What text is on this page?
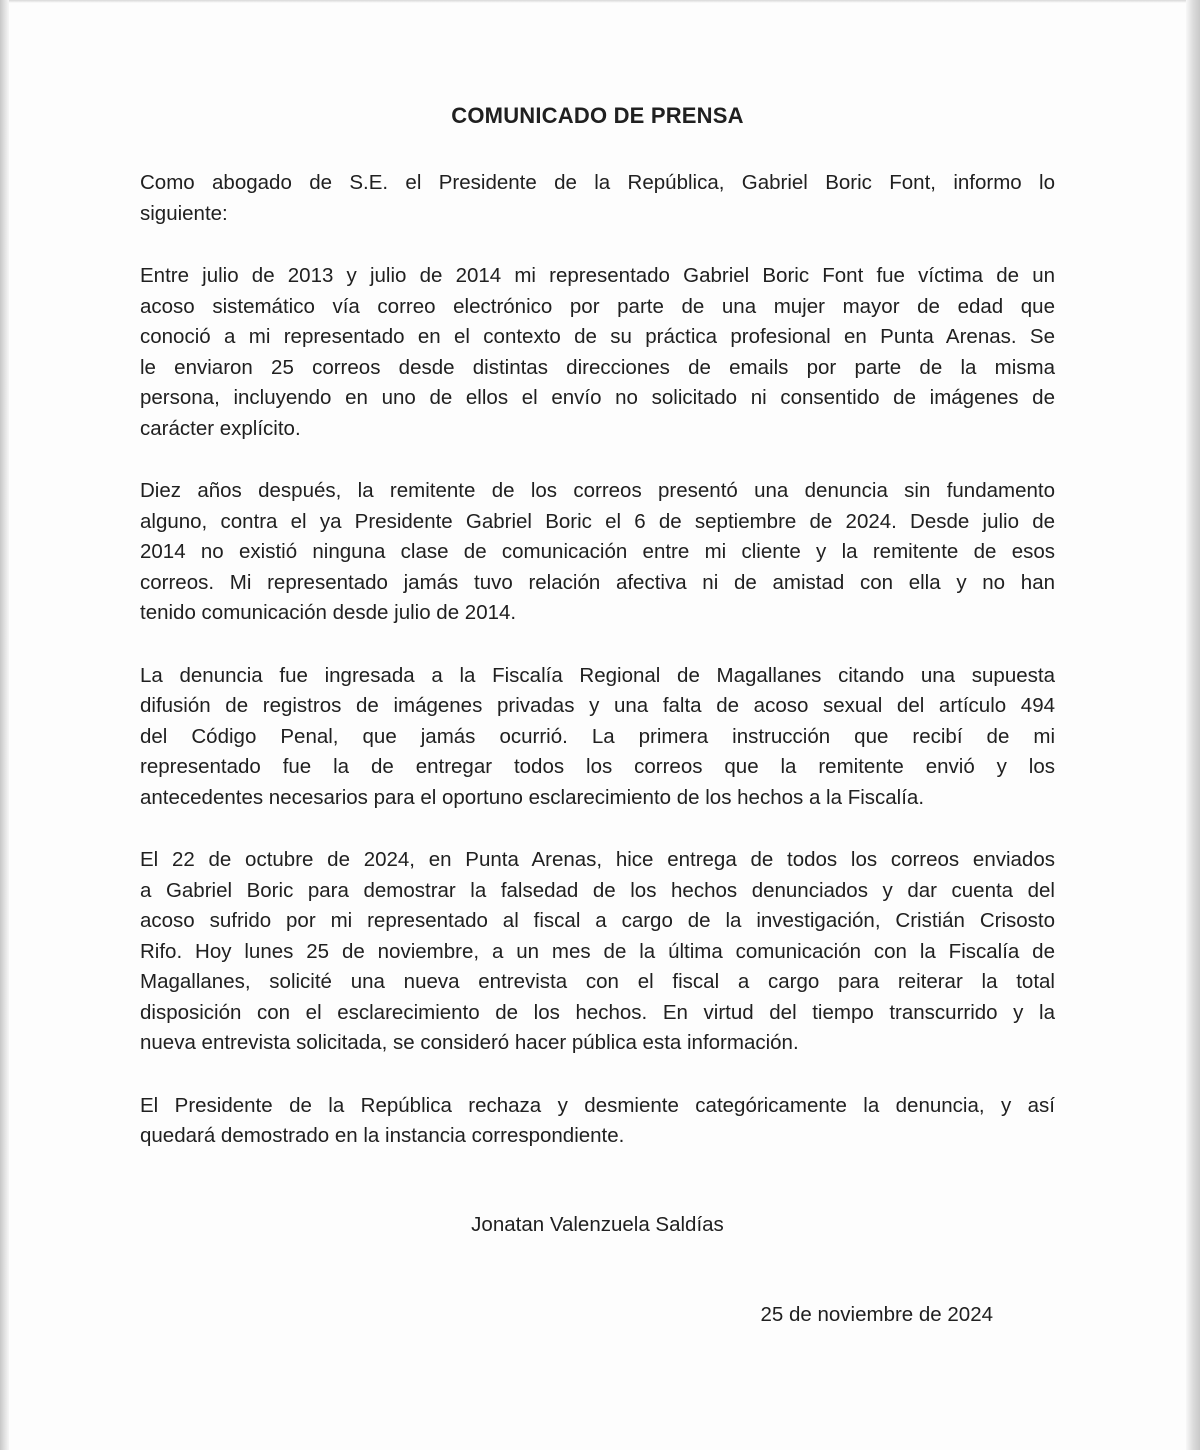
COMUNICADO DE PRENSA
Como abogado de S.E. el Presidente de la República, Gabriel Boric Font, informo lo
siguiente:
Entre julio de 2013 y julio de 2014 mi representado Gabriel Boric Font fue víctima de un
acoso sistemático vía correo electrónico por parte de una mujer mayor de edad que
conoció a mi representado en el contexto de su práctica profesional en Punta Arenas. Se
le enviaron 25 correos desde distintas direcciones de emails por parte de la misma
persona, incluyendo en uno de ellos el envío no solicitado ni consentido de imágenes de
carácter explícito.
Diez años después, la remitente de los correos presentó una denuncia sin fundamento
alguno, contra el ya Presidente Gabriel Boric el 6 de septiembre de 2024. Desde julio de
2014 no existió ninguna clase de comunicación entre mi cliente y la remitente de esos
correos. Mi representado jamás tuvo relación afectiva ni de amistad con ella y no han
tenido comunicación desde julio de 2014.
La denuncia fue ingresada a la Fiscalía Regional de Magallanes citando una supuesta
difusión de registros de imágenes privadas y una falta de acoso sexual del artículo 494
del Código Penal, que jamás ocurrió. La primera instrucción que recibí de mi
representado fue la de entregar todos los correos que la remitente envió y los
antecedentes necesarios para el oportuno esclarecimiento de los hechos a la Fiscalía.
El 22 de octubre de 2024, en Punta Arenas, hice entrega de todos los correos enviados
a Gabriel Boric para demostrar la falsedad de los hechos denunciados y dar cuenta del
acoso sufrido por mi representado al fiscal a cargo de la investigación, Cristián Crisosto
Rifo. Hoy lunes 25 de noviembre, a un mes de la última comunicación con la Fiscalía de
Magallanes, solicité una nueva entrevista con el fiscal a cargo para reiterar la total
disposición con el esclarecimiento de los hechos. En virtud del tiempo transcurrido y la
nueva entrevista solicitada, se consideró hacer pública esta información.
El Presidente de la República rechaza y desmiente categóricamente la denuncia, y así
quedará demostrado en la instancia correspondiente.
Jonatan Valenzuela Saldías
25 de noviembre de 2024
